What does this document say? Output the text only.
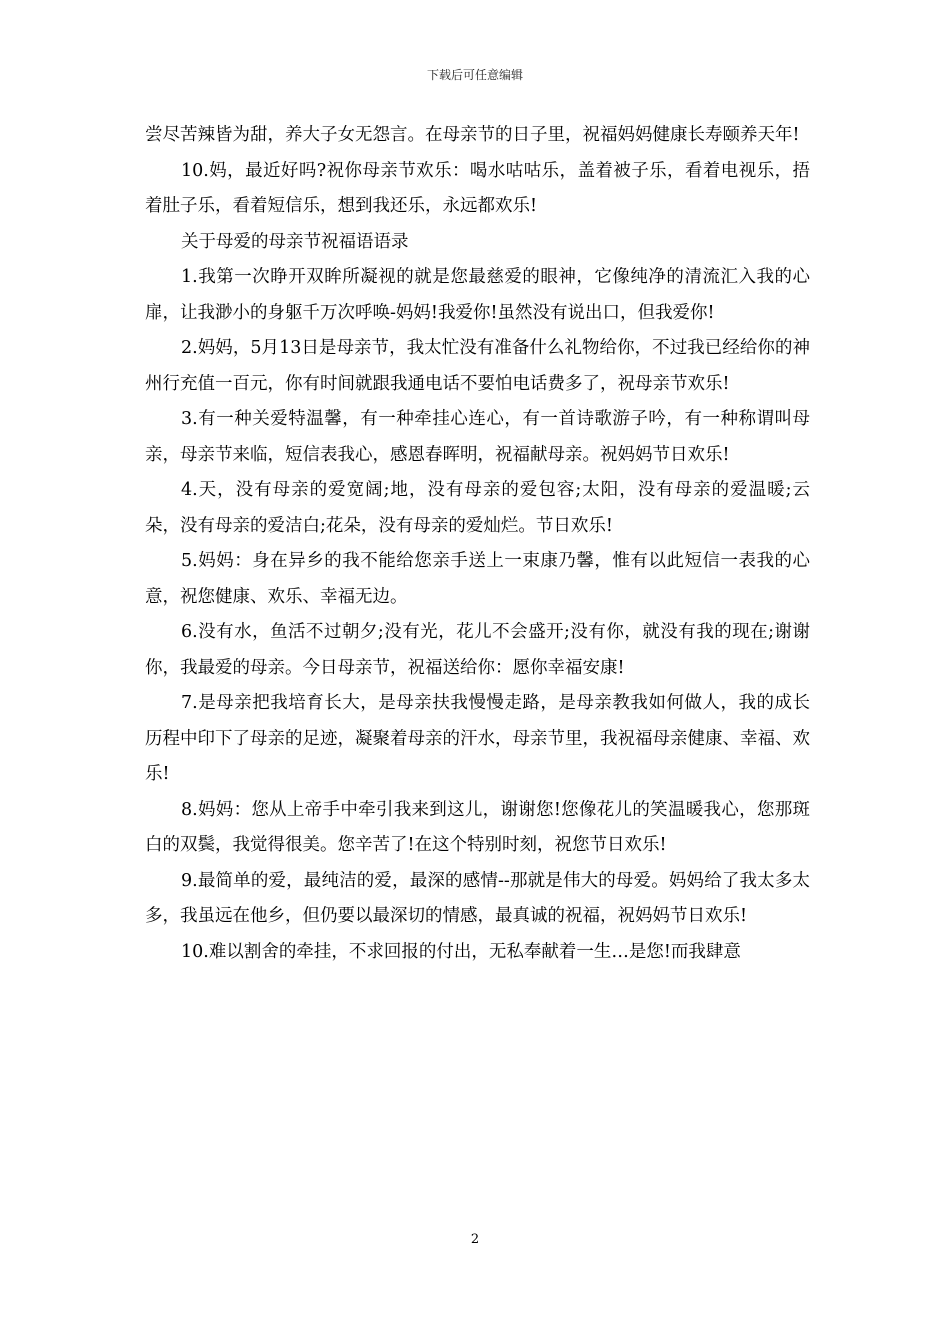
下载后可任意编辑

尝尽苦辣皆为甜，养大子女无怨言。在母亲节的日子里，祝福妈妈健康长寿颐养天年!

10.妈，最近好吗?祝你母亲节欢乐：喝水咕咕乐，盖着被子乐，看着电视乐，捂着肚子乐，看着短信乐，想到我还乐，永远都欢乐!

关于母爱的母亲节祝福语语录

1.我第一次睁开双眸所凝视的就是您最慈爱的眼神，它像纯净的清流汇入我的心扉，让我渺小的身躯千万次呼唤-妈妈!我爱你!虽然没有说出口，但我爱你!

2.妈妈，5月13日是母亲节，我太忙没有准备什么礼物给你，不过我已经给你的神州行充值一百元，你有时间就跟我通电话不要怕电话费多了，祝母亲节欢乐!

3.有一种关爱特温馨，有一种牵挂心连心，有一首诗歌游子吟，有一种称谓叫母亲，母亲节来临，短信表我心，感恩春晖明，祝福献母亲。祝妈妈节日欢乐!

4.天，没有母亲的爱宽阔;地，没有母亲的爱包容;太阳，没有母亲的爱温暖;云朵，没有母亲的爱洁白;花朵，没有母亲的爱灿烂。节日欢乐!

5.妈妈：身在异乡的我不能给您亲手送上一束康乃馨，惟有以此短信一表我的心意，祝您健康、欢乐、幸福无边。

6.没有水，鱼活不过朝夕;没有光，花儿不会盛开;没有你，就没有我的现在;谢谢你，我最爱的母亲。今日母亲节，祝福送给你：愿你幸福安康!

7.是母亲把我培育长大，是母亲扶我慢慢走路，是母亲教我如何做人，我的成长历程中印下了母亲的足迹，凝聚着母亲的汗水，母亲节里，我祝福母亲健康、幸福、欢乐!

8.妈妈：您从上帝手中牵引我来到这儿，谢谢您!您像花儿的笑温暖我心，您那斑白的双鬓，我觉得很美。您辛苦了!在这个特别时刻，祝您节日欢乐!

9.最简单的爱，最纯洁的爱，最深的感情--那就是伟大的母爱。妈妈给了我太多太多，我虽远在他乡，但仍要以最深切的情感，最真诚的祝福，祝妈妈节日欢乐!

10.难以割舍的牵挂，不求回报的付出，无私奉献着一生…是您!而我肆意

2
